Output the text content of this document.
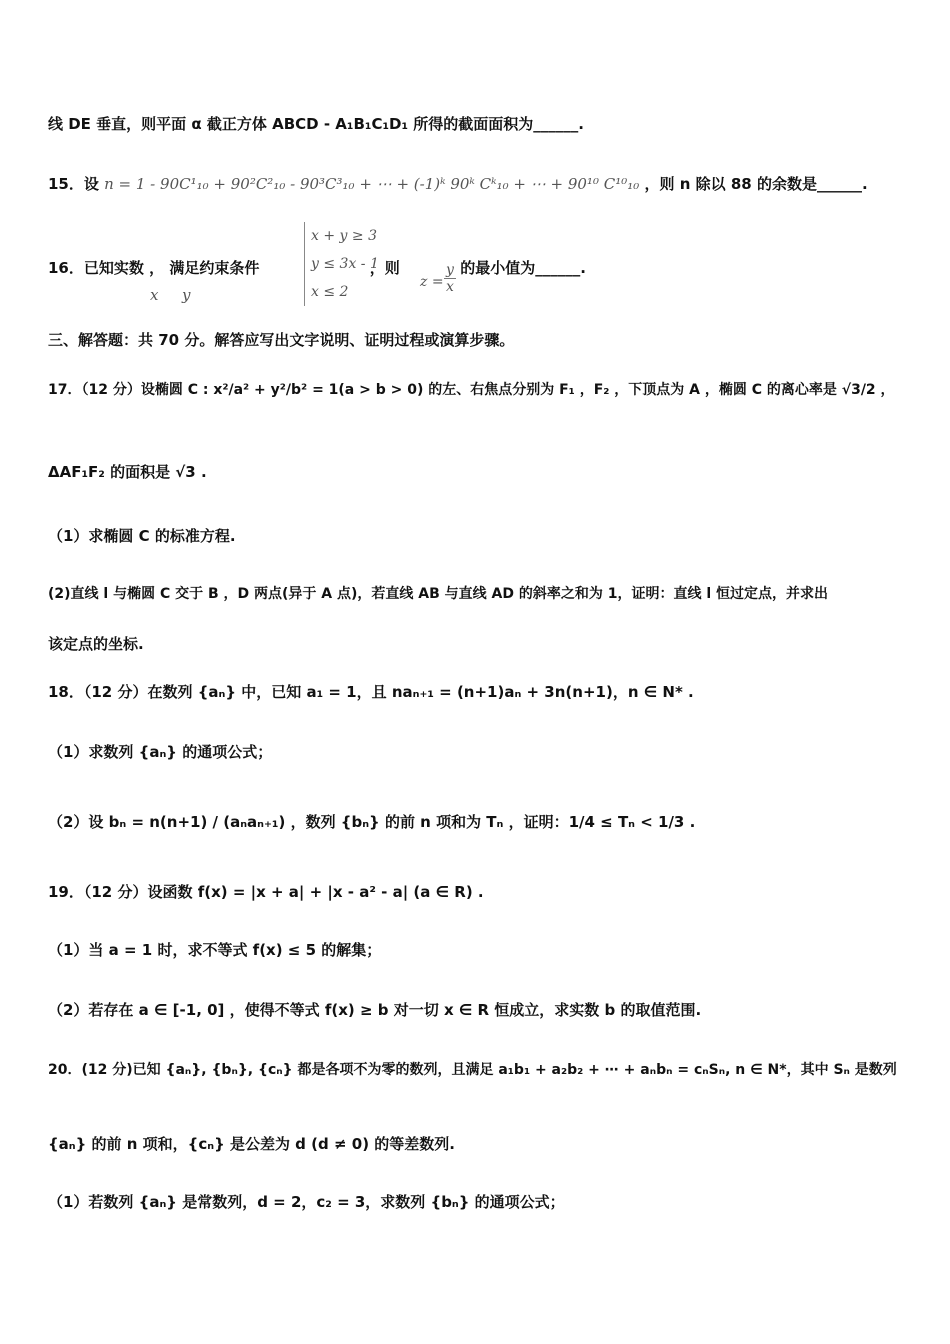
线 DE 垂直，则平面 α 截正方体 ABCD - A₁B₁C₁D₁ 所得的截面面积为______.
15．设 n = 1 - 90C¹₁₀ + 90²C²₁₀ - 90³C³₁₀ + ⋯ + (-1)ᵏ 90ᵏ Cᵏ₁₀ + ⋯ + 90¹⁰ C¹⁰₁₀ ，则 n 除以 88 的余数是______.
16．已知实数 ， 满足约束条件	，则	的最小值为______.
x y
x + y ≥ 3
y ≤ 3x - 1
x ≤ 2
z =
y
x
三、解答题：共 70 分。解答应写出文字说明、证明过程或演算步骤。
17．（12 分）设椭圆 C : x²/a² + y²/b² = 1(a > b > 0) 的左、右焦点分别为 F₁ ，F₂ ，下顶点为 A ，椭圆 C 的离心率是 √3/2 ，
ΔAF₁F₂ 的面积是 √3 .
（1）求椭圆 C 的标准方程.
(2)直线 l 与椭圆 C 交于 B ，D 两点(异于 A 点)，若直线 AB 与直线 AD 的斜率之和为 1，证明：直线 l 恒过定点，并求出
该定点的坐标.
18．（12 分）在数列 {aₙ} 中，已知 a₁ = 1，且 naₙ₊₁ = (n+1)aₙ + 3n(n+1)，n ∈ N* .
（1）求数列 {aₙ} 的通项公式；
（2）设 bₙ = n(n+1) / (aₙaₙ₊₁) ，数列 {bₙ} 的前 n 项和为 Tₙ ，证明：1/4 ≤ Tₙ < 1/3 .
19．（12 分）设函数 f(x) = |x + a| + |x - a² - a| (a ∈ R) .
（1）当 a = 1 时，求不等式 f(x) ≤ 5 的解集；
（2）若存在 a ∈ [-1, 0] ，使得不等式 f(x) ≥ b 对一切 x ∈ R 恒成立，求实数 b 的取值范围.
20．(12 分)已知 {aₙ}, {bₙ}, {cₙ} 都是各项不为零的数列，且满足 a₁b₁ + a₂b₂ + ⋯ + aₙbₙ = cₙSₙ, n ∈ N*，其中 Sₙ 是数列
{aₙ} 的前 n 项和，{cₙ} 是公差为 d (d ≠ 0) 的等差数列.
（1）若数列 {aₙ} 是常数列，d = 2，c₂ = 3，求数列 {bₙ} 的通项公式；
